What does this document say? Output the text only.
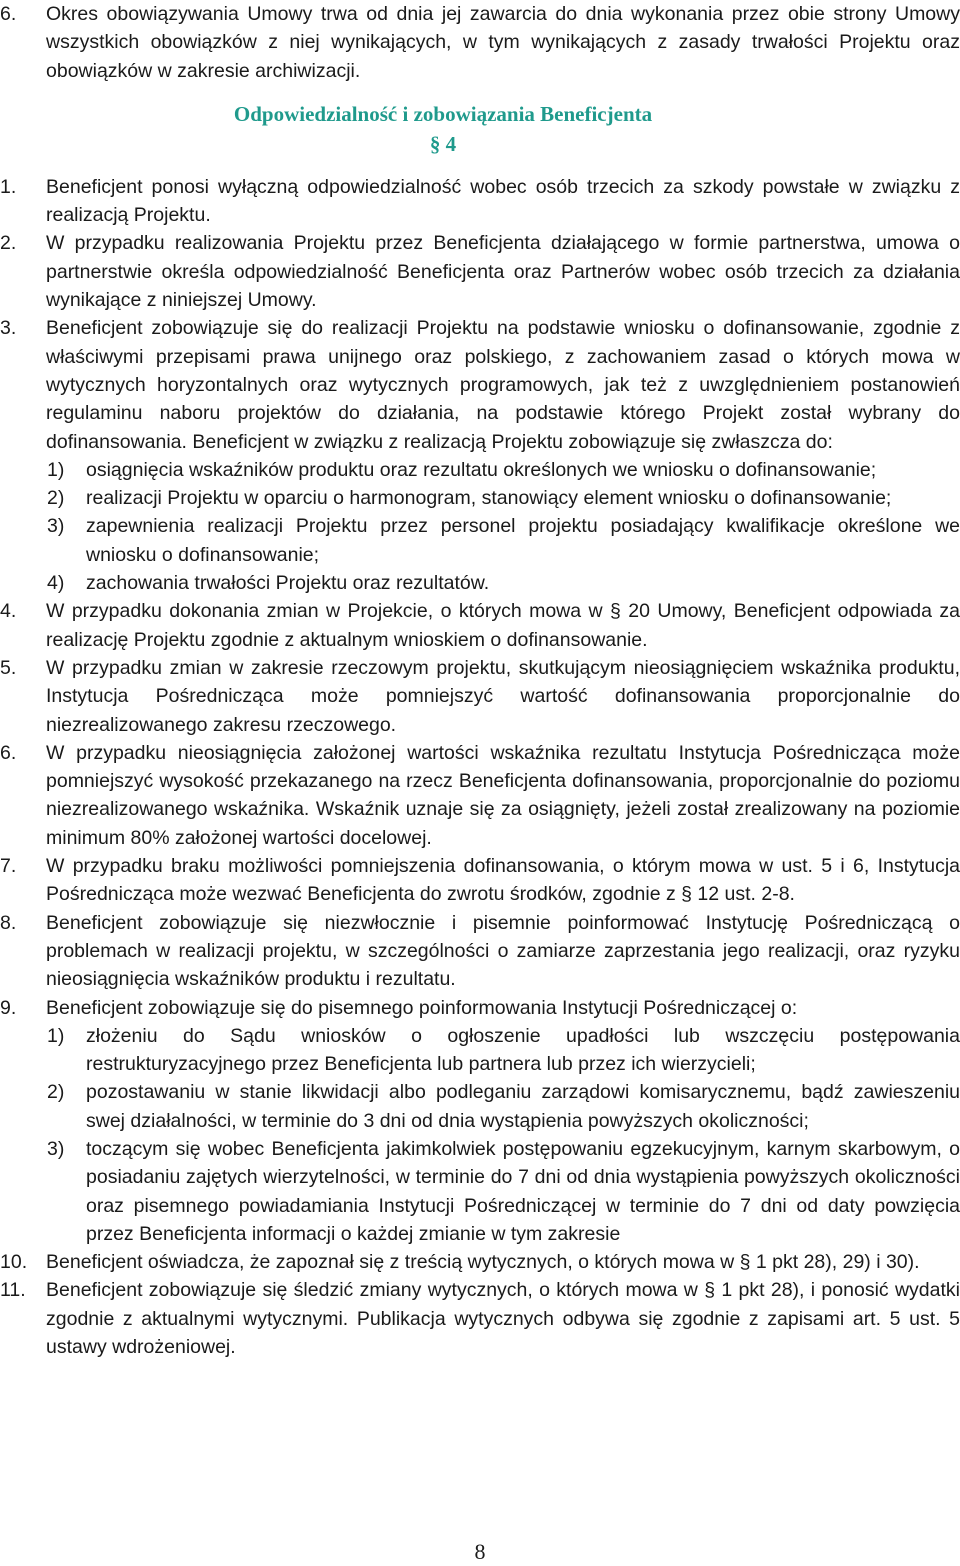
6. Okres obowiązywania Umowy trwa od dnia jej zawarcia do dnia wykonania przez obie strony Umowy wszystkich obowiązków z niej wynikających, w tym wynikających z zasady trwałości Projektu oraz obowiązków w zakresie archiwizacji.
Odpowiedzialność i zobowiązania Beneficjenta
§ 4
1. Beneficjent ponosi wyłączną odpowiedzialność wobec osób trzecich za szkody powstałe w związku z realizacją Projektu.
2. W przypadku realizowania Projektu przez Beneficjenta działającego w formie partnerstwa, umowa o partnerstwie określa odpowiedzialność Beneficjenta oraz Partnerów wobec osób trzecich za działania wynikające z niniejszej Umowy.
3. Beneficjent zobowiązuje się do realizacji Projektu na podstawie wniosku o dofinansowanie, zgodnie z właściwymi przepisami prawa unijnego oraz polskiego, z zachowaniem zasad o których mowa w wytycznych horyzontalnych oraz wytycznych programowych, jak też z uwzględnieniem postanowień regulaminu naboru projektów do działania, na podstawie którego Projekt został wybrany do dofinansowania. Beneficjent w związku z realizacją Projektu zobowiązuje się zwłaszcza do:
1) osiągnięcia wskaźników produktu oraz rezultatu określonych we wniosku o dofinansowanie;
2) realizacji Projektu w oparciu o harmonogram, stanowiący element wniosku o dofinansowanie;
3) zapewnienia realizacji Projektu przez personel projektu posiadający kwalifikacje określone we wniosku o dofinansowanie;
4) zachowania trwałości Projektu oraz rezultatów.
4. W przypadku dokonania zmian w Projekcie, o których mowa w § 20 Umowy, Beneficjent odpowiada za realizację Projektu zgodnie z aktualnym wnioskiem o dofinansowanie.
5. W przypadku zmian w zakresie rzeczowym projektu, skutkującym nieosiągnięciem wskaźnika produktu, Instytucja Pośrednicząca może pomniejszyć wartość dofinansowania proporcjonalnie do niezrealizowanego zakresu rzeczowego.
6. W przypadku nieosiągnięcia założonej wartości wskaźnika rezultatu Instytucja Pośrednicząca może pomniejszyć wysokość przekazanego na rzecz Beneficjenta dofinansowania, proporcjonalnie do poziomu niezrealizowanego wskaźnika. Wskaźnik uznaje się za osiągnięty, jeżeli został zrealizowany na poziomie minimum 80% założonej wartości docelowej.
7. W przypadku braku możliwości pomniejszenia dofinansowania, o którym mowa w ust. 5 i 6, Instytucja Pośrednicząca może wezwać Beneficjenta do zwrotu środków, zgodnie z § 12 ust. 2-8.
8. Beneficjent zobowiązuje się niezwłocznie i pisemnie poinformować Instytucję Pośredniczącą o problemach w realizacji projektu, w szczególności o zamiarze zaprzestania jego realizacji, oraz ryzyku nieosiągnięcia wskaźników produktu i rezultatu.
9. Beneficjent zobowiązuje się do pisemnego poinformowania Instytucji Pośredniczącej o:
1) złożeniu do Sądu wniosków o ogłoszenie upadłości lub wszczęciu postępowania restrukturyzacyjnego przez Beneficjenta lub partnera lub przez ich wierzycieli;
2) pozostawaniu w stanie likwidacji albo podleganiu zarządowi komisarycznemu, bądź zawieszeniu swej działalności, w terminie do 3 dni od dnia wystąpienia powyższych okoliczności;
3) toczącym się wobec Beneficjenta jakimkolwiek postępowaniu egzekucyjnym, karnym skarbowym, o posiadaniu zajętych wierzytelności, w terminie do 7 dni od dnia wystąpienia powyższych okoliczności oraz pisemnego powiadamiania Instytucji Pośredniczącej w terminie do 7 dni od daty powzięcia przez Beneficjenta informacji o każdej zmianie w tym zakresie
10. Beneficjent oświadcza, że zapoznał się z treścią wytycznych, o których mowa w § 1 pkt 28), 29) i 30).
11. Beneficjent zobowiązuje się śledzić zmiany wytycznych, o których mowa w § 1 pkt 28), i ponosić wydatki zgodnie z aktualnymi wytycznymi. Publikacja wytycznych odbywa się zgodnie z zapisami art. 5 ust. 5 ustawy wdrożeniowej.
8
